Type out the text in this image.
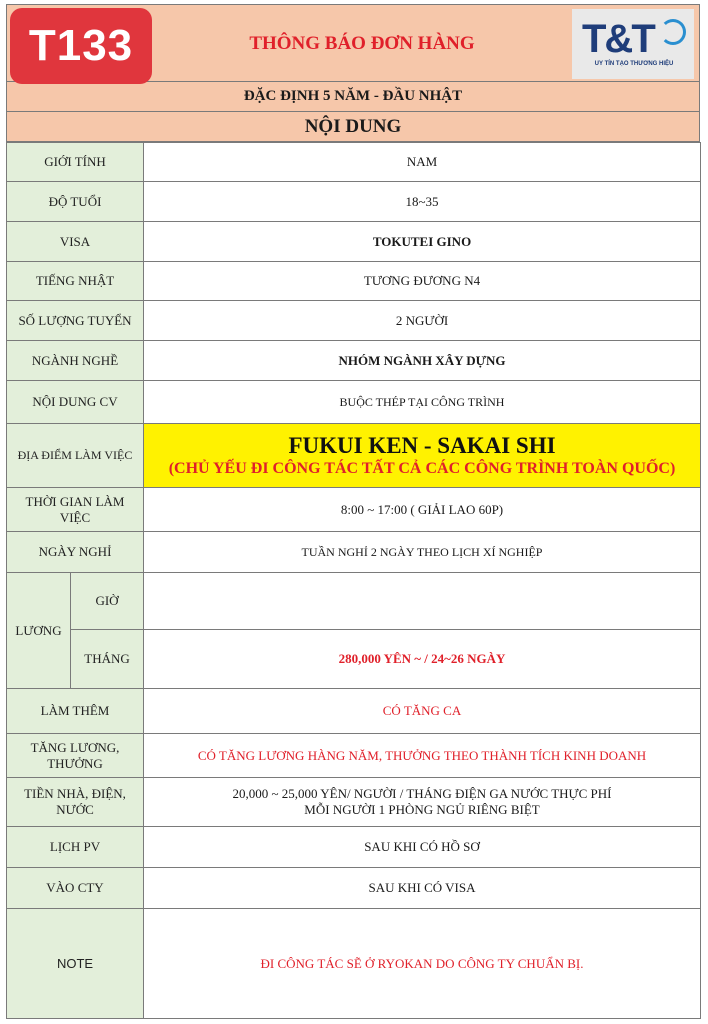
THÔNG BÁO ĐƠN HÀNG	T&T
UY TÍN TẠO THƯƠNG HIỆU
T133
ĐẶC ĐỊNH 5 NĂM - ĐẦU NHẬT
NỘI DUNG
GIỚI TÍNH		NAM
ĐỘ TUỔI		18~35
VISA		TOKUTEI GINO
TIẾNG NHẬT		TƯƠNG ĐƯƠNG N4
SỐ LƯỢNG TUYỂN		2 NGƯỜI
NGÀNH NGHỀ		NHÓM NGÀNH XÂY DỰNG
NỘI DUNG CV		BUỘC THÉP TẠI CÔNG TRÌNH
ĐỊA ĐIỂM LÀM VIỆC		FUKUI KEN - SAKAI SHI
(CHỦ YẾU ĐI CÔNG TÁC TẤT CẢ CÁC CÔNG TRÌNH TOÀN QUỐC)

THỜI GIAN LÀM VIỆC		8:00 ~ 17:00 ( GIẢI LAO 60P)
NGÀY NGHỈ		TUẦN NGHỈ 2 NGÀY THEO LỊCH XÍ NGHIỆP
LƯƠNG	GIỜ	
	THÁNG	280,000 YÊN ~ / 24~26 NGÀY
LÀM THÊM		CÓ TĂNG CA
TĂNG LƯƠNG, THƯỞNG		CÓ TĂNG LƯƠNG HÀNG NĂM, THƯỞNG THEO THÀNH TÍCH KINH DOANH
TIỀN NHÀ, ĐIỆN, NƯỚC		20,000 ~ 25,000 YÊN/ NGƯỜI / THÁNG ĐIỆN GA NƯỚC THỰC PHÍ
MỖI NGƯỜI 1 PHÒNG NGỦ RIÊNG BIỆT

LỊCH PV		SAU KHI CÓ HỒ SƠ
VÀO CTY		SAU KHI CÓ VISA
NOTE		ĐI CÔNG TÁC SẼ Ở RYOKAN DO CÔNG TY CHUẨN BỊ.
